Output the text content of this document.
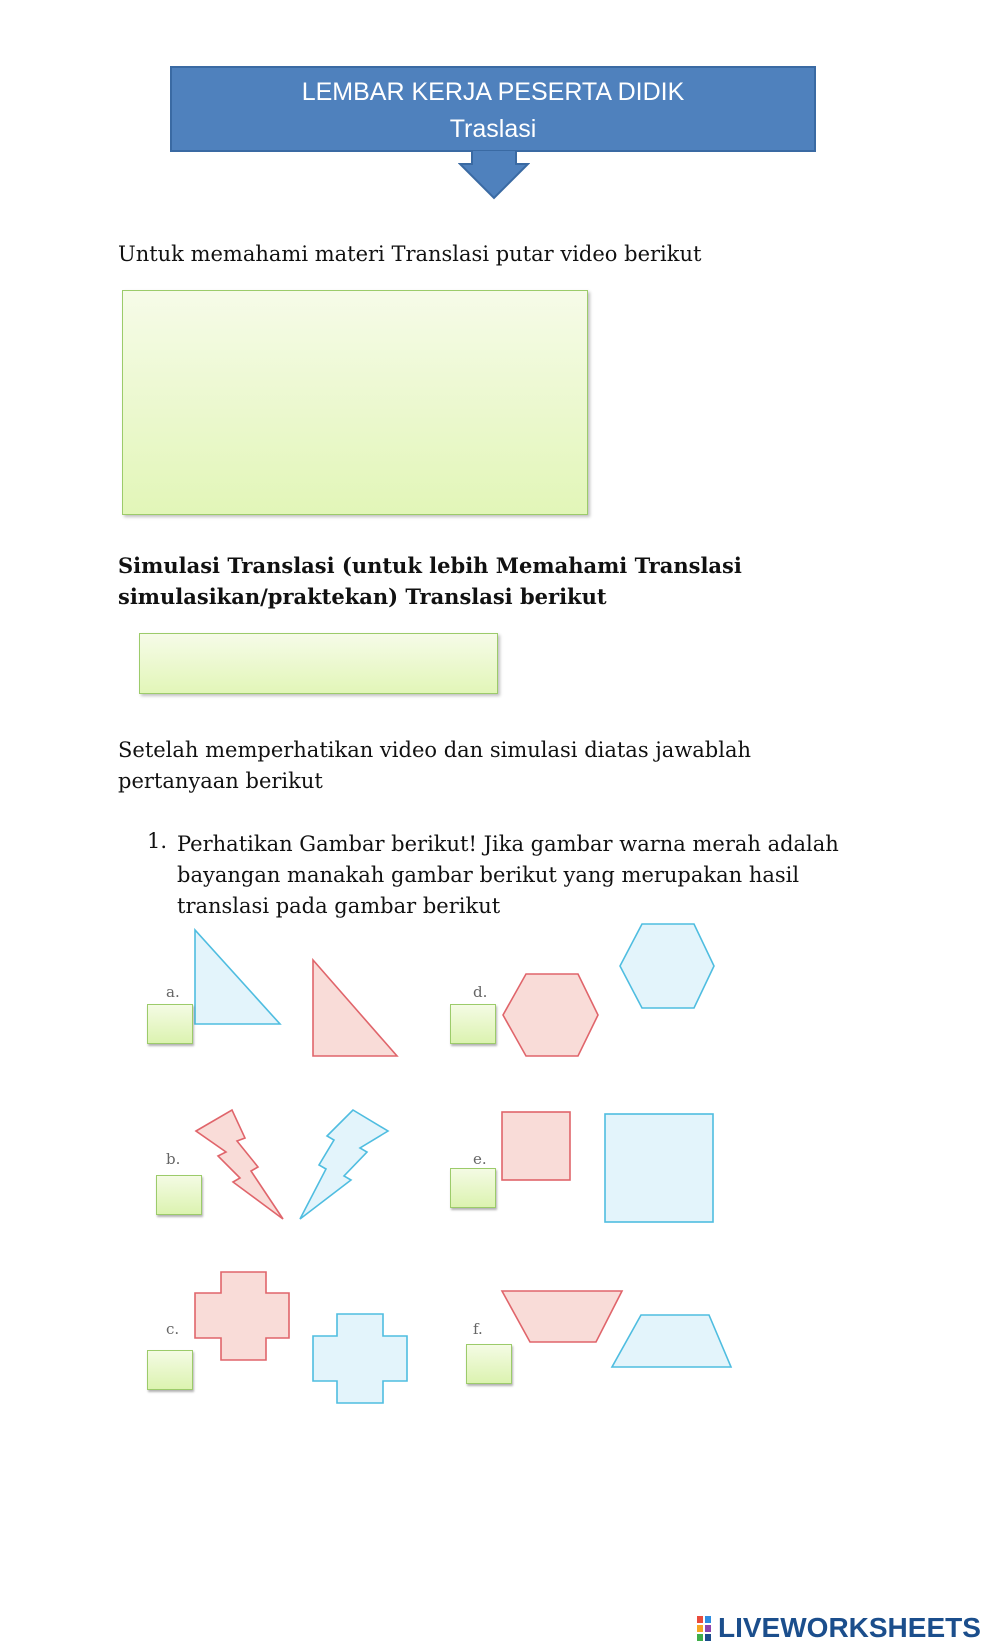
LEMBAR KERJA PESERTA DIDIK
Traslasi
Untuk memahami materi Translasi putar video berikut
Simulasi Translasi (untuk lebih Memahami Translasi
simulasikan/praktekan) Translasi berikut
Setelah memperhatikan video dan simulasi diatas jawablah
pertanyaan berikut
1. Perhatikan Gambar berikut! Jika gambar warna merah adalah
bayangan manakah gambar berikut yang merupakan hasil
translasi pada gambar berikut
a.
b.
c.
d.
e.
f.
LIVEWORKSHEETS
